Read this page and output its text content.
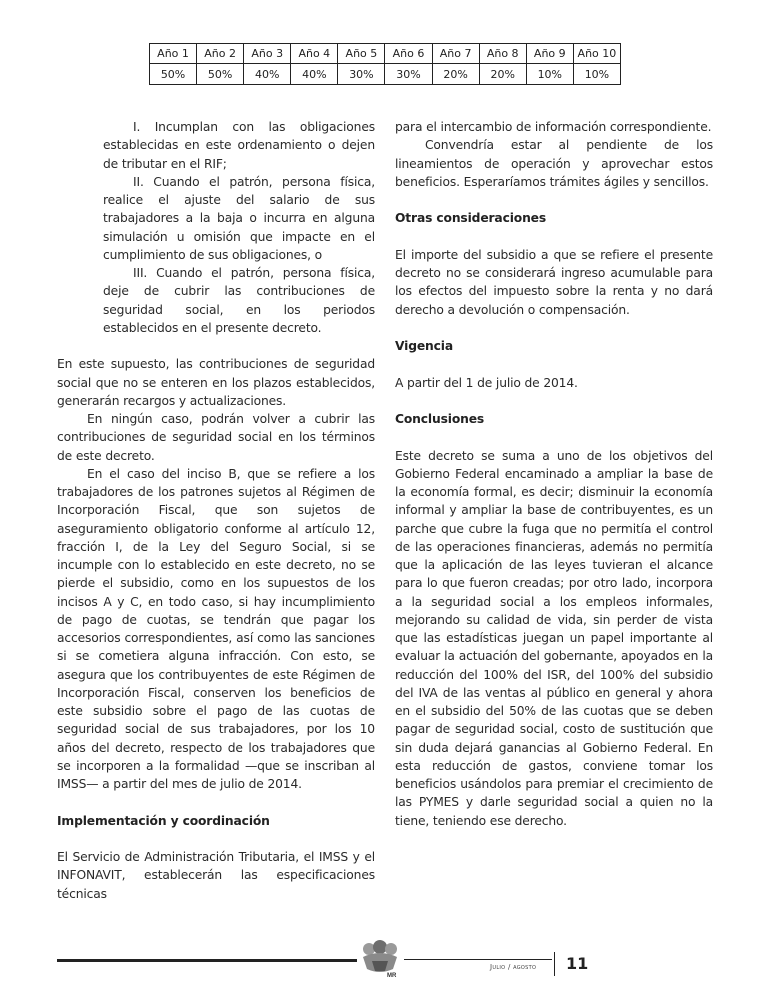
Año 1	Año 2	Año 3	Año 4	Año 5	Año 6	Año 7	Año 8	Año 9	Año 10
50%	50%	40%	40%	30%	30%	20%	20%	10%	10%
I. Incumplan con las obligaciones establecidas en este ordenamiento o dejen de tributar en el RIF;
II. Cuando el patrón, persona física, realice el ajuste del salario de sus trabajadores a la baja o incurra en alguna simulación u omisión que impacte en el cumplimiento de sus obligaciones, o
III. Cuando el patrón, persona física, deje de cubrir las contribuciones de seguridad social, en los periodos establecidos en el presente decreto.

En este supuesto, las contribuciones de seguridad social que no se enteren en los plazos establecidos, generarán recargos y actualizaciones.

En ningún caso, podrán volver a cubrir las contribuciones de seguridad social en los términos de este decreto.

En el caso del inciso B, que se refiere a los trabajadores de los patrones sujetos al Régimen de Incorporación Fiscal, que son sujetos de aseguramiento obligatorio conforme al artículo 12, fracción I, de la Ley del Seguro Social, si se incumple con lo establecido en este decreto, no se pierde el subsidio, como en los supuestos de los incisos A y C, en todo caso, si hay incumplimiento de pago de cuotas, se tendrán que pagar los accesorios correspondientes, así como las sanciones si se cometiera alguna infracción. Con esto, se asegura que los contribuyentes de este Régimen de Incorporación Fiscal, conserven los beneficios de este subsidio sobre el pago de las cuotas de seguridad social de sus trabajadores, por los 10 años del decreto, respecto de los trabajadores que se incorporen a la formalidad —que se inscriban al IMSS— a partir del mes de julio de 2014.

Implementación y coordinación

El Servicio de Administración Tributaria, el IMSS y el INFONAVIT, establecerán las especificaciones técnicas

para el intercambio de información correspondiente.

Convendría estar al pendiente de los lineamientos de operación y aprovechar estos beneficios. Esperaríamos trámites ágiles y sencillos.

Otras consideraciones

El importe del subsidio a que se refiere el presente decreto no se considerará ingreso acumulable para los efectos del impuesto sobre la renta y no dará derecho a devolución o compensación.

Vigencia

A partir del 1 de julio de 2014.

Conclusiones

Este decreto se suma a uno de los objetivos del Gobierno Federal encaminado a ampliar la base de la economía formal, es decir; disminuir la economía informal y ampliar la base de contribuyentes, es un parche que cubre la fuga que no permitía el control de las operaciones financieras, además no permitía que la aplicación de las leyes tuvieran el alcance para lo que fueron creadas; por otro lado, incorpora a la seguridad social a los empleos informales, mejorando su calidad de vida, sin perder de vista que las estadísticas juegan un papel importante al evaluar la actuación del gobernante, apoyados en la reducción del 100% del ISR, del 100% del subsidio del IVA de las ventas al público en general y ahora en el subsidio del 50% de las cuotas que se deben pagar de seguridad social, costo de sustitución que sin duda dejará ganancias al Gobierno Federal. En esta reducción de gastos, conviene tomar los beneficios usándolos para premiar el crecimiento de las PYMES y darle seguridad social a quien no la tiene, teniendo ese derecho.

MR
Julio / agosto 11
